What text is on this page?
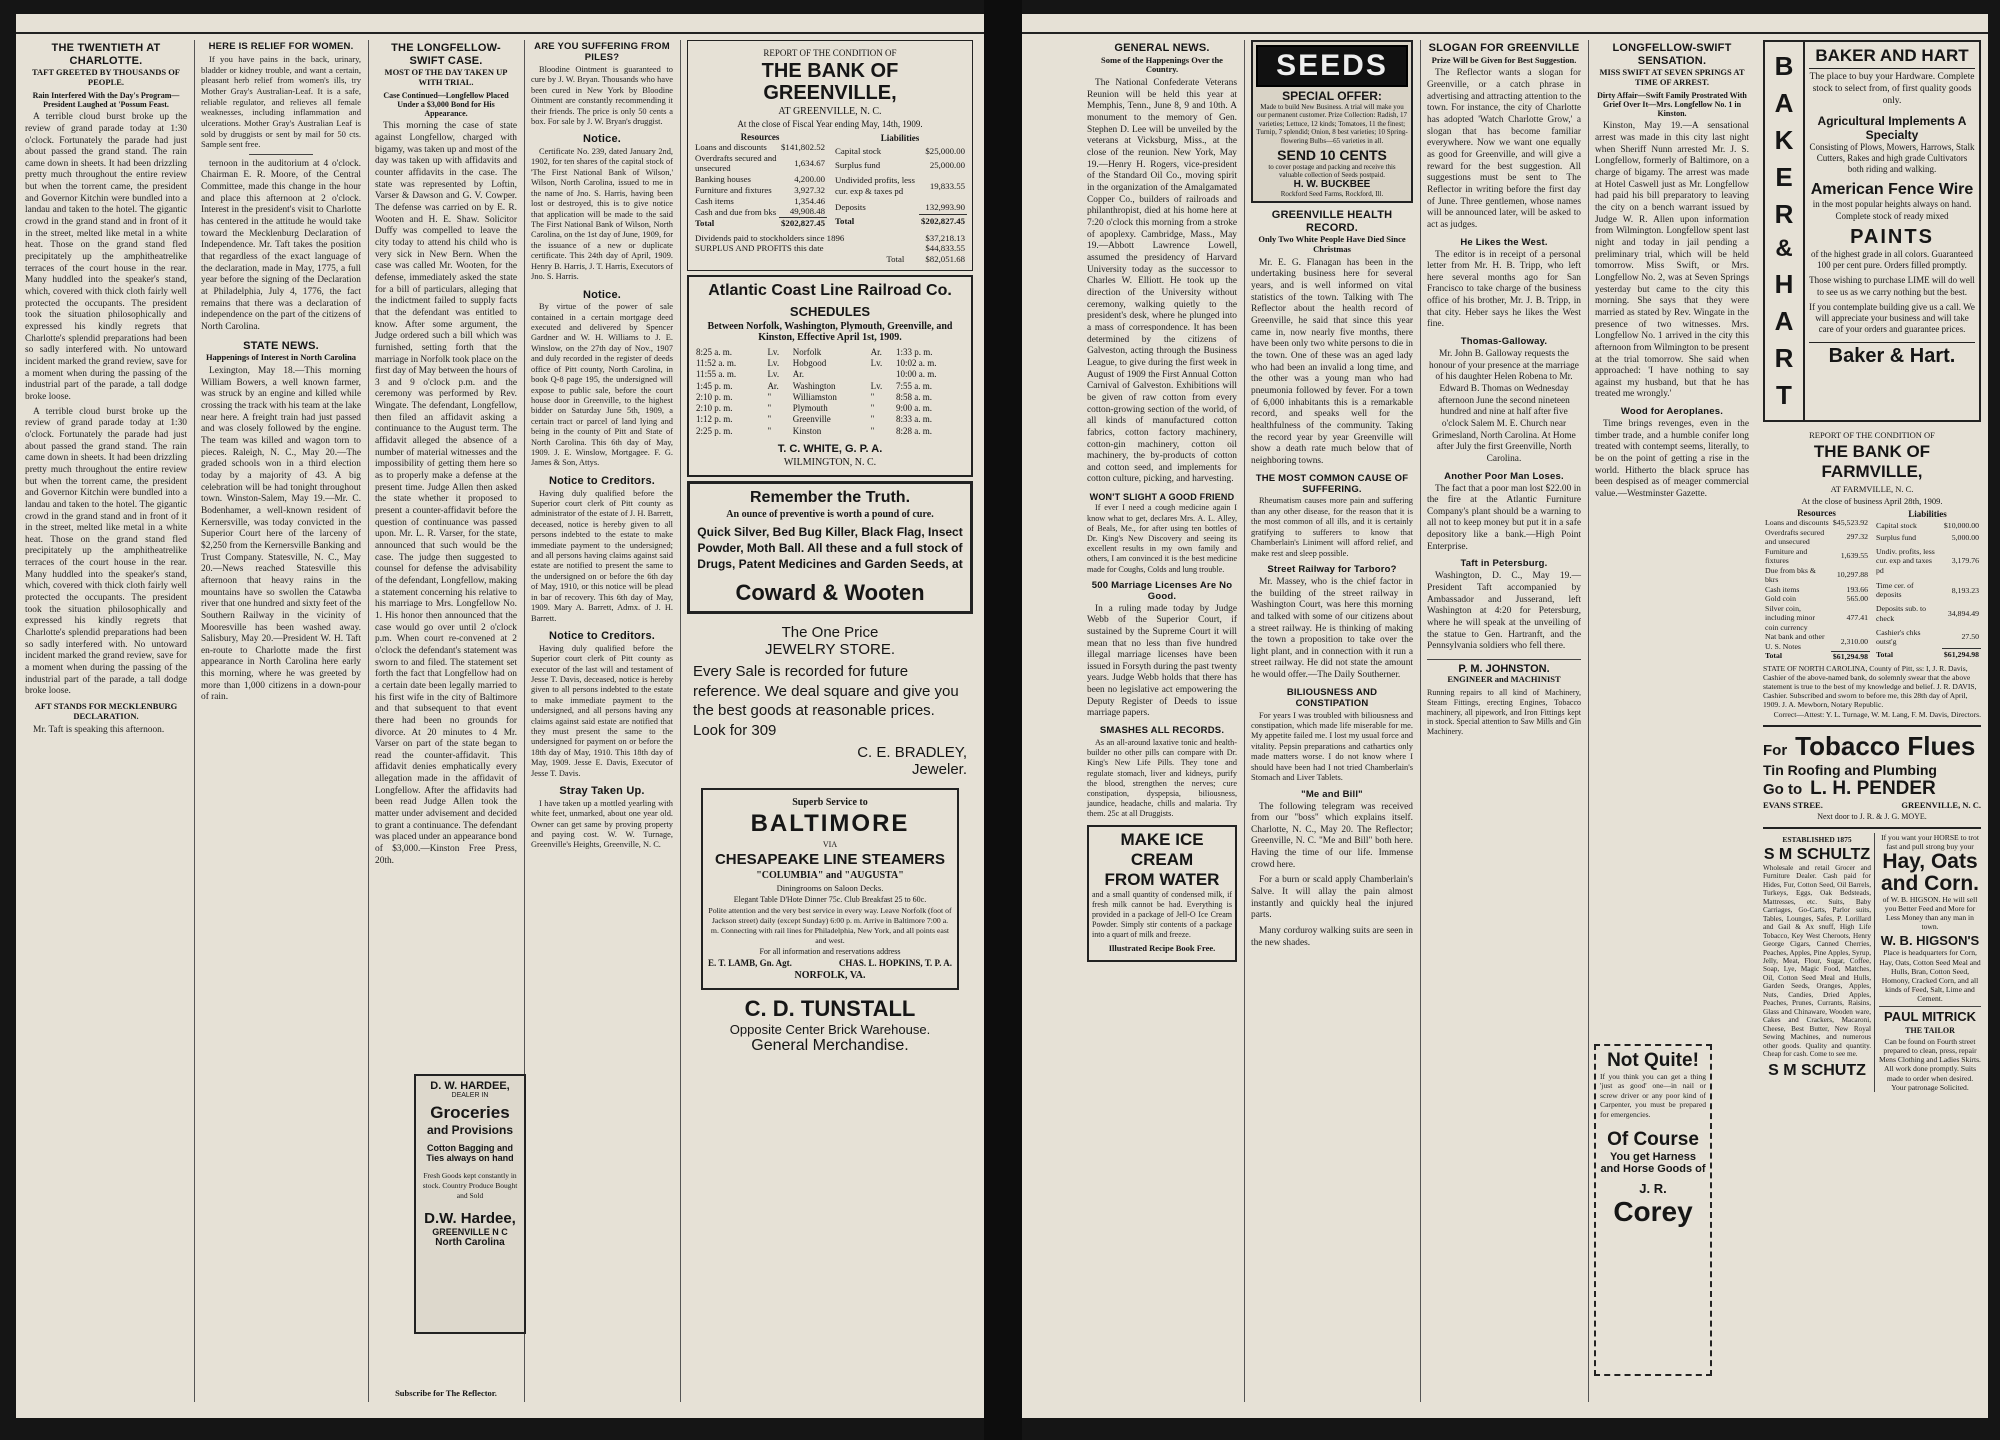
THE TWENTIETH AT CHARLOTTE.
TAFT GREETED BY THOUSANDS OF PEOPLE.
Rain Interfered With the Day's Program—President Laughed at 'Possum Feast.
A terrible cloud burst broke up the review of grand parade today at 1:30 o'clock. Fortunately the parade had just about passed the grand stand. The rain came down in sheets. It had been drizzling pretty much throughout the entire review but when the torrent came, the president and Governor Kitchin were bundled into a landau and taken to the hotel. The gigantic crowd in the grand stand and in front of it in the street, melted like metal in a white heat. Those on the grand stand fled precipitately up the amphitheatrelike terraces of the court house in the rear. Many huddled into the speaker's stand, which, covered with thick cloth fairly well protected the occupants. The president took the situation philosophically and expressed his kindly regrets that Charlotte's splendid preparations had been so sadly interfered with. No untoward incident marked the grand review, save for a moment when during the passing of the industrial part of the parade, a tall dodge broke loose.
A terrible cloud burst broke up the review of grand parade today at 1:30 o'clock. Fortunately the parade had just about passed the grand stand. The rain came down in sheets. It had been drizzling pretty much throughout the entire review but when the torrent came, the president and Governor Kitchin were bundled into a landau and taken to the hotel. The gigantic crowd in the grand stand and in front of it in the street, melted like metal in a white heat. Those on the grand stand fled precipitately up the amphitheatrelike terraces of the court house in the rear. Many huddled into the speaker's stand, which, covered with thick cloth fairly well protected the occupants. The president took the situation philosophically and expressed his kindly regrets that Charlotte's splendid preparations had been so sadly interfered with. No untoward incident marked the grand review, save for a moment when during the passing of the industrial part of the parade, a tall dodge broke loose.
AFT STANDS FOR MECKLENBURG DECLARATION.
Mr. Taft is speaking this afternoon.
HERE IS RELIEF FOR WOMEN.
If you have pains in the back, urinary, bladder or kidney trouble, and want a certain, pleasant herb relief from women's ills, try Mother Gray's Australian-Leaf. It is a safe, reliable regulator, and relieves all female weaknesses, including inflammation and ulcerations. Mother Gray's Australian Leaf is sold by druggists or sent by mail for 50 cts. Sample sent free.
ternoon in the auditorium at 4 o'clock. Chairman E. R. Moore, of the Central Committee, made this change in the hour and place this afternoon at 2 o'clock. Interest in the president's visit to Charlotte has centered in the attitude he would take toward the Mecklenburg Declaration of Independence. Mr. Taft takes the position that regardless of the exact language of the declaration, made in May, 1775, a full year before the signing of the Declaration at Philadelphia, July 4, 1776, the fact remains that there was a declaration of independence on the part of the citizens of North Carolina.
STATE NEWS.
Happenings of Interest in North Carolina
Lexington, May 18.—This morning William Bowers, a well known farmer, was struck by an engine and killed while crossing the track with his team at the lake near here. A freight train had just passed and was closely followed by the engine. The team was killed and wagon torn to pieces. Raleigh, N. C., May 20.—The graded schools won in a third election today by a majority of 43. A big celebration will be had tonight throughout town. Winston-Salem, May 19.—Mr. C. Bodenhamer, a well-known resident of Kernersville, was today convicted in the Superior Court here of the larceny of $2,250 from the Kernersville Banking and Trust Company. Statesville, N. C., May 20.—News reached Statesville this afternoon that heavy rains in the mountains have so swollen the Catawba river that one hundred and sixty feet of the Southern Railway in the vicinity of Mooresville has been washed away. Salisbury, May 20.—President W. H. Taft en-route to Charlotte made the first appearance in North Carolina here early this morning, where he was greeted by more than 1,000 citizens in a down-pour of rain.
THE LONGFELLOW-SWIFT CASE.
MOST OF THE DAY TAKEN UP WITH TRIAL.
Case Continued—Longfellow Placed Under a $3,000 Bond for His Appearance.
This morning the case of state against Longfellow, charged with bigamy, was taken up and most of the day was taken up with affidavits and counter affidavits in the case. The state was represented by Loftin, Varser & Dawson and G. V. Cowper. The defense was carried on by E. R. Wooten and H. E. Shaw. Solicitor Duffy was compelled to leave the city today to attend his child who is very sick in New Bern. When the case was called Mr. Wooten, for the defense, immediately asked the state for a bill of particulars, alleging that the indictment failed to supply facts that the defendant was entitled to know. After some argument, the Judge ordered such a bill which was furnished, setting forth that the marriage in Norfolk took place on the first day of May between the hours of 3 and 9 o'clock p.m. and the ceremony was performed by Rev. Wingate. The defendant, Longfellow, then filed an affidavit asking a continuance to the August term. The affidavit alleged the absence of a number of material witnesses and the impossibility of getting them here so as to properly make a defense at the present time. Judge Allen then asked the state whether it proposed to present a counter-affidavit before the question of continuance was passed upon. Mr. L. R. Varser, for the state, announced that such would be the case. The judge then suggested to counsel for defense the advisability of the defendant, Longfellow, making a statement concerning his relative to his marriage to Mrs. Longfellow No. 1. His honor then announced that the case would go over until 2 o'clock p.m. When court re-convened at 2 o'clock the defendant's statement was sworn to and filed. The statement set forth the fact that Longfellow had on a certain date been legally married to his first wife in the city of Baltimore and that subsequent to that event there had been no grounds for divorce. At 20 minutes to 4 Mr. Varser on part of the state began to read the counter-affidavit. This affidavit denies emphatically every allegation made in the affidavit of Longfellow. After the affidavits had been read Judge Allen took the matter under advisement and decided to grant a continuance. The defendant was placed under an appearance bond of $3,000.—Kinston Free Press, 20th.
Subscribe for The Reflector.
ARE YOU SUFFERING FROM PILES?
Bloodine Ointment is guaranteed to cure by J. W. Bryan. Thousands who have been cured in New York by Bloodine Ointment are constantly recommending it their friends. The price is only 50 cents a box. For sale by J. W. Bryan's druggist.
Notice.
Certificate No. 239, dated January 2nd, 1902, for ten shares of the capital stock of 'The First National Bank of Wilson,' Wilson, North Carolina, issued to me in the name of Jno. S. Harris, having been lost or destroyed, this is to give notice that application will be made to the said The First National Bank of Wilson, North Carolina, on the 1st day of June, 1909, for the issuance of a new or duplicate certificate. This 24th day of April, 1909. Henry B. Harris, J. T. Harris, Executors of Jno. S. Harris.
Notice.
By virtue of the power of sale contained in a certain mortgage deed executed and delivered by Spencer Gardner and W. H. Williams to J. E. Winslow, on the 27th day of Nov., 1907 and duly recorded in the register of deeds office of Pitt county, North Carolina, in book Q-8 page 195, the undersigned will expose to public sale, before the court house door in Greenville, to the highest bidder on Saturday June 5th, 1909, a certain tract or parcel of land lying and being in the county of Pitt and State of North Carolina. This 6th day of May, 1909. J. E. Winslow, Mortgagee. F. G. James & Son, Attys.
Notice to Creditors.
Having duly qualified before the Superior court clerk of Pitt county as administrator of the estate of J. H. Barrett, deceased, notice is hereby given to all persons indebted to the estate to make immediate payment to the undersigned; and all persons having claims against said estate are notified to present the same to the undersigned on or before the 6th day of May, 1910, or this notice will be plead in bar of recovery. This 6th day of May, 1909. Mary A. Barrett, Admx. of J. H. Barrett.
Notice to Creditors.
Having duly qualified before the Superior court clerk of Pitt county as executor of the last will and testament of Jesse T. Davis, deceased, notice is hereby given to all persons indebted to the estate to make immediate payment to the undersigned, and all persons having any claims against said estate are notified that they must present the same to the undersigned for payment on or before the 18th day of May, 1910. This 18th day of May, 1909. Jesse E. Davis, Executor of Jesse T. Davis.
Stray Taken Up.
I have taken up a mottled yearling with white feet, unmarked, about one year old. Owner can get same by proving property and paying cost. W. W. Turnage, Greenville's Heights, Greenville, N. C.
D. W. HARDEE,
DEALER IN
Groceries
and Provisions
Cotton Bagging and
Ties always on hand
Fresh Goods kept constantly in stock. Country Produce Bought and Sold
D.W. Hardee,
GREENVILLE N C
North Carolina
REPORT OF THE CONDITION OF
THE BANK OF GREENVILLE,
AT GREENVILLE, N. C.
At the close of Fiscal Year ending May, 14th, 1909.
Resources	
Loans and discounts	$141,802.52
Overdrafts secured and unsecured	1,634.67
Banking houses	4,200.00
Furniture and fixtures	3,927.32
Cash items	1,354.46
Cash and due from bks	49,908.48
Total	$202,827.45
Liabilities	
Capital stock	$25,000.00
Surplus fund	25,000.00
Undivided profits, less cur. exp & taxes pd	19,833.55
Deposits	132,993.90
Total	$202,827.45
Dividends paid to stockholders since 1896	$37,218.13
SURPLUS AND PROFITS this date	$44,833.55
Total	$82,051.68
Atlantic Coast Line Railroad Co.
SCHEDULES
Between Norfolk, Washington, Plymouth, Greenville, and Kinston, Effective April 1st, 1909.
8:25 a. m.	Lv.	Norfolk	Ar.	1:33 p. m.
11:52 a. m.	Lv.	Hobgood	Lv.	10:02 a. m.
11:55 a. m.	Lv.	Ar.		10:00 a. m.
1:45 p. m.	Ar.	Washington	Lv.	7:55 a. m.
2:10 p. m.	"	Williamston	"	8:58 a. m.
2:10 p. m.	"	Plymouth	"	9:00 a. m.
1:12 p. m.	"	Greenville	"	8:33 a. m.
2:25 p. m.	"	Kinston	"	8:28 a. m.
T. C. WHITE, G. P. A.
WILMINGTON, N. C.
Remember the Truth.
An ounce of preventive is worth a pound of cure.
Quick Silver, Bed Bug Killer, Black Flag, Insect Powder, Moth Ball. All these and a full stock of Drugs, Patent Medicines and Garden Seeds, at
Coward & Wooten
The One Price
JEWELRY STORE.
Every Sale is recorded for future reference. We deal square and give you the best goods at reasonable prices. Look for 309
C. E. BRADLEY,
Jeweler.
Superb Service to
BALTIMORE
VIA
CHESAPEAKE LINE STEAMERS
"COLUMBIA" and "AUGUSTA"
Diningrooms on Saloon Decks.
Elegant Table D'Hote Dinner 75c. Club Breakfast 25 to 60c.
Polite attention and the very best service in every way. Leave Norfolk (foot of Jackson street) daily (except Sunday) 6:00 p. m. Arrive in Baltimore 7:00 a. m. Connecting with rail lines for Philadelphia, New York, and all points east and west.
For all information and reservations address
E. T. LAMB, Gn. Agt.	CHAS. L. HOPKINS, T. P. A.
NORFOLK, VA.
C. D. TUNSTALL
Opposite Center Brick Warehouse.
General Merchandise.
GENERAL NEWS.
Some of the Happenings Over the Country.
The National Confederate Veterans Reunion will be held this year at Memphis, Tenn., June 8, 9 and 10th. A monument to the memory of Gen. Stephen D. Lee will be unveiled by the veterans at Vicksburg, Miss., at the close of the reunion. New York, May 19.—Henry H. Rogers, vice-president of the Standard Oil Co., moving spirit in the organization of the Amalgamated Copper Co., builders of railroads and philanthropist, died at his home here at 7:20 o'clock this morning from a stroke of apoplexy. Cambridge, Mass., May 19.—Abbott Lawrence Lowell, assumed the presidency of Harvard University today as the successor to Charles W. Elliott. He took up the direction of the University without ceremony, walking quietly to the president's desk, where he plunged into a mass of correspondence. It has been determined by the citizens of Galveston, acting through the Business League, to give during the first week in August of 1909 the First Annual Cotton Carnival of Galveston. Exhibitions will be given of raw cotton from every cotton-growing section of the world, of all kinds of manufactured cotton fabrics, cotton factory machinery, cotton-gin machinery, cotton oil machinery, the by-products of cotton and cotton seed, and implements for cotton culture, picking, and harvesting.
WON'T SLIGHT A GOOD FRIEND
If ever I need a cough medicine again I know what to get, declares Mrs. A. L. Alley, of Beals, Me., for after using ten bottles of Dr. King's New Discovery and seeing its excellent results in my own family and others, I am convinced it is the best medicine made for Coughs, Colds and lung trouble.
500 Marriage Licenses Are No Good.
In a ruling made today by Judge Webb of the Superior Court, if sustained by the Supreme Court it will mean that no less than five hundred illegal marriage licenses have been issued in Forsyth during the past twenty years. Judge Webb holds that there has been no legislative act empowering the Deputy Register of Deeds to issue marriage papers.
SMASHES ALL RECORDS.
As an all-around laxative tonic and health-builder no other pills can compare with Dr. King's New Life Pills. They tone and regulate stomach, liver and kidneys, purify the blood, strengthen the nerves; cure constipation, dyspepsia, biliousness, jaundice, headache, chills and malaria. Try them. 25c at all Druggists.
MAKE ICE CREAM
FROM WATER
and a small quantity of condensed milk, if fresh milk cannot be had. Everything is provided in a package of Jell-O Ice Cream Powder. Simply stir contents of a package into a quart of milk and freeze.
Illustrated Recipe Book Free.
SEEDS
SPECIAL OFFER:
Made to build New Business. A trial will make you our permanent customer. Prize Collection: Radish, 17 varieties; Lettuce, 12 kinds; Tomatoes, 11 the finest; Turnip, 7 splendid; Onion, 8 best varieties; 10 Spring-flowering Bulbs—65 varieties in all.
SEND 10 CENTS
to cover postage and packing and receive this valuable collection of Seeds postpaid.
H. W. BUCKBEE
Rockford Seed Farms, Rockford, Ill.
GREENVILLE HEALTH RECORD.
Only Two White People Have Died Since Christmas
Mr. E. G. Flanagan has been in the undertaking business here for several years, and is well informed on vital statistics of the town. Talking with The Reflector about the health record of Greenville, he said that since this year came in, now nearly five months, there have been only two white persons to die in the town. One of these was an aged lady who had been an invalid a long time, and the other was a young man who had pneumonia followed by fever. For a town of 6,000 inhabitants this is a remarkable record, and speaks well for the healthfulness of the community. Taking the record year by year Greenville will show a death rate much below that of neighboring towns.
THE MOST COMMON CAUSE OF SUFFERING.
Rheumatism causes more pain and suffering than any other disease, for the reason that it is the most common of all ills, and it is certainly gratifying to sufferers to know that Chamberlain's Liniment will afford relief, and make rest and sleep possible.
Street Railway for Tarboro?
Mr. Massey, who is the chief factor in the building of the street railway in Washington Court, was here this morning and talked with some of our citizens about a street railway. He is thinking of making the town a proposition to take over the light plant, and in connection with it run a street railway. He did not state the amount he would offer.—The Daily Southerner.
BILIOUSNESS AND CONSTIPATION
For years I was troubled with biliousness and constipation, which made life miserable for me. My appetite failed me. I lost my usual force and vitality. Pepsin preparations and cathartics only made matters worse. I do not know where I should have been had I not tried Chamberlain's Stomach and Liver Tablets.
"Me and Bill"
The following telegram was received from our "boss" which explains itself. Charlotte, N. C., May 20. The Reflector; Greenville, N. C. "Me and Bill" both here. Having the time of our life. Immense crowd here.
For a burn or scald apply Chamberlain's Salve. It will allay the pain almost instantly and quickly heal the injured parts.
Many corduroy walking suits are seen in the new shades.
SLOGAN FOR GREENVILLE
Prize Will be Given for Best Suggestion.
The Reflector wants a slogan for Greenville, or a catch phrase in advertising and attracting attention to the town. For instance, the city of Charlotte has adopted 'Watch Charlotte Grow,' a slogan that has become familiar everywhere. Now we want one equally as good for Greenville, and will give a reward for the best suggestion. All suggestions must be sent to The Reflector in writing before the first day of June. Three gentlemen, whose names will be announced later, will be asked to act as judges.
He Likes the West.
The editor is in receipt of a personal letter from Mr. H. B. Tripp, who left here several months ago for San Francisco to take charge of the business office of his brother, Mr. J. B. Tripp, in that city. Heber says he likes the West fine.
Thomas-Galloway.
Mr. John B. Galloway requests the honour of your presence at the marriage of his daughter Helen Robena to Mr. Edward B. Thomas on Wednesday afternoon June the second nineteen hundred and nine at half after five o'clock Salem M. E. Church near Grimesland, North Carolina. At Home after July the first Greenville, North Carolina.
Another Poor Man Loses.
The fact that a poor man lost $22.00 in the fire at the Atlantic Furniture Company's plant should be a warning to all not to keep money but put it in a safe depository like a bank.—High Point Enterprise.
Taft in Petersburg.
Washington, D. C., May 19.—President Taft accompanied by Ambassador and Jusserand, left Washington at 4:20 for Petersburg, where he will speak at the unveiling of the statue to Gen. Hartranft, and the Pennsylvania soldiers who fell there.
P. M. JOHNSTON.
ENGINEER and MACHINIST
Running repairs to all kind of Machinery, Steam Fittings, erecting Engines, Tobacco machinery, all pipework, and Iron Fittings kept in stock. Special attention to Saw Mills and Gin Machinery.
LONGFELLOW-SWIFT SENSATION.
MISS SWIFT AT SEVEN SPRINGS AT TIME OF ARREST.
Dirty Affair—Swift Family Prostrated With Grief Over It—Mrs. Longfellow No. 1 in Kinston.
Kinston, May 19.—A sensational arrest was made in this city last night when Sheriff Nunn arrested Mr. J. S. Longfellow, formerly of Baltimore, on a charge of bigamy. The arrest was made at Hotel Caswell just as Mr. Longfellow had paid his bill preparatory to leaving the city on a bench warrant issued by Judge W. R. Allen upon information from Wilmington. Longfellow spent last night and today in jail pending a preliminary trial, which will be held tomorrow. Miss Swift, or Mrs. Longfellow No. 2, was at Seven Springs yesterday but came to the city this morning. She says that they were married as stated by Rev. Wingate in the presence of two witnesses. Mrs. Longfellow No. 1 arrived in the city this afternoon from Wilmington to be present at the trial tomorrow. She said when approached: 'I have nothing to say against my husband, but that he has treated me wrongly.'
Wood for Aeroplanes.
Time brings revenges, even in the timber trade, and a humble conifer long treated with contempt seems, literally, to be on the point of getting a rise in the world. Hitherto the black spruce has been despised as of meager commercial value.—Westminster Gazette.
Not Quite!
If you think you can get a thing 'just as good' one—in nail or screw driver or any poor kind of Carpenter, you must be prepared for emergencies.
Of Course
You get Harness and Horse Goods of
J. R.
Corey
B
A
K
E
R
&
H
A
R
T
BAKER AND HART
The place to buy your Hardware. Complete stock to select from, of first quality goods only.
Agricultural Implements A Specialty
Consisting of Plows, Mowers, Harrows, Stalk Cutters, Rakes and high grade Cultivators both riding and walking.
American Fence Wire
in the most popular heights always on hand. Complete stock of ready mixed
PAINTS
of the highest grade in all colors. Guaranteed 100 per cent pure. Orders filled promptly.
Those wishing to purchase LIME will do well to see us as we carry nothing but the best.
If you contemplate building give us a call. We will appreciate your business and will take care of your orders and guarantee prices.
Baker & Hart.
REPORT OF THE CONDITION OF
THE BANK OF FARMVILLE,
AT FARMVILLE, N. C.
At the close of business April 28th, 1909.
Resources	
Loans and discounts	$45,523.92
Overdrafts secured and unsecured	297.32
Furniture and fixtures	1,639.55
Due from bks & bkrs	10,297.88
Cash items	193.66
Gold coin	565.00
Silver coin, including minor coin currency	477.41
Nat bank and other U. S. Notes	2,310.00
Total	$61,294.98
Liabilities	
Capital stock	$10,000.00
Surplus fund	5,000.00
Undiv. profits, less cur. exp and taxes pd	3,179.76
Time cer. of deposits	8,193.23
Deposits sub. to check	34,894.49
Cashier's chks outst'g	27.50
Total	$61,294.98
STATE OF NORTH CAROLINA, County of Pitt, ss: I, J. R. Davis, Cashier of the above-named bank, do solemnly swear that the above statement is true to the best of my knowledge and belief. J. R. DAVIS, Cashier. Subscribed and sworn to before me, this 28th day of April, 1909. J. A. Mewborn, Notary Republic.
Correct—Attest: Y. L. Turnage, W. M. Lang, F. M. Davis, Directors.
For Tobacco Flues
Tin Roofing and Plumbing
Go to L. H. PENDER
EVANS STREE.	GREENVILLE, N. C.
Next door to J. R. & J. G. MOYE.
ESTABLISHED 1875
S M SCHULTZ
Wholesale and retail Grocer and Furniture Dealer. Cash paid for Hides, Fur, Cotton Seed, Oil Barrels, Turkeys, Eggs, Oak Bedsteads, Mattresses, etc. Suits, Baby Carriages, Go-Carts, Parlor suits, Tables, Lounges, Safes, P. Lorillard and Gail & Ax snuff, High Life Tobacco, Key West Cheroots, Henry George Cigars, Canned Cherries, Peaches, Apples, Pine Apples, Syrup, Jelly, Meat, Flour, Sugar, Coffee, Soap, Lye, Magic Food, Matches, Oil, Cotton Seed Meal and Hulls, Garden Seeds, Oranges, Apples, Nuts, Candies, Dried Apples, Peaches, Prunes, Currants, Raisins, Glass and Chinaware, Wooden ware, Cakes and Crackers, Macaroni, Cheese, Best Butter, New Royal Sewing Machines, and numerous other goods. Quality and quantity. Cheap for cash. Come to see me.
S M SCHUTZ
If you want your HORSE to trot fast and pull strong buy your
Hay, Oats and Corn.
of W. B. HIGSON. He will sell you Better Feed and More for Less Money than any man in town.
W. B. HIGSON'S
Place is headquarters for Corn, Hay, Oats, Cotton Seed Meal and Hulls, Bran, Cotton Seed, Homony, Cracked Corn, and all kinds of Feed, Salt, Lime and Cement.
PAUL MITRICK
THE TAILOR
Can be found on Fourth street prepared to clean, press, repair Mens Clothing and Ladies Skirts. All work done promptly. Suits made to order when desired. Your patronage Solicited.
